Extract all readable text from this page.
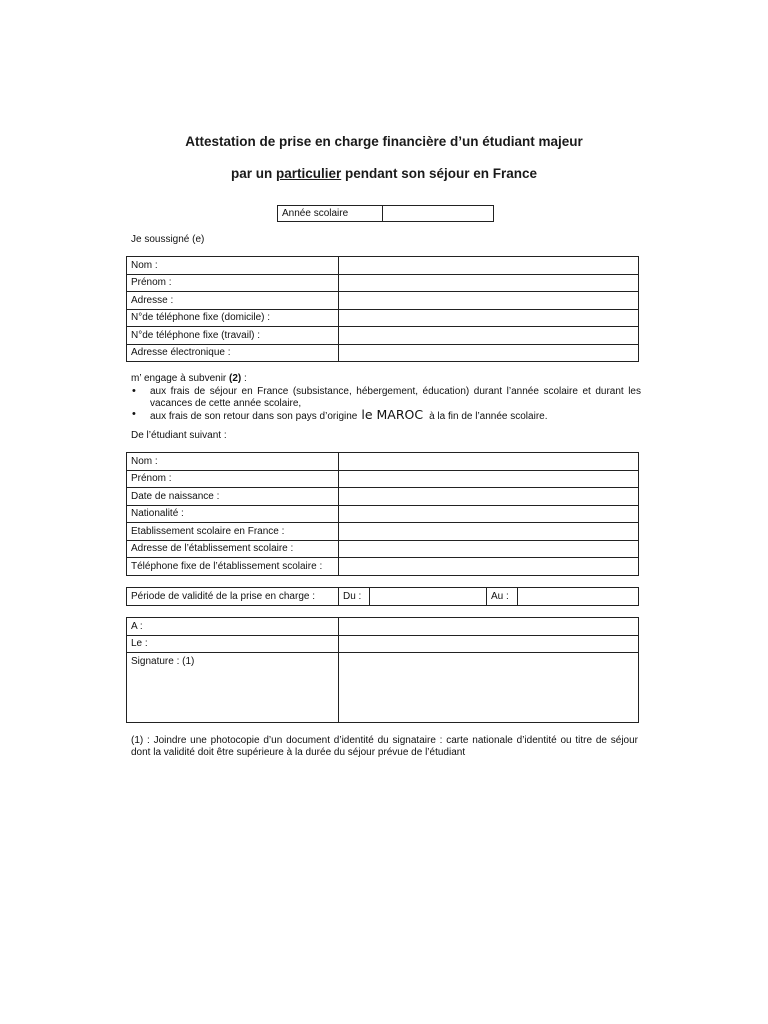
Attestation de prise en charge financière d’un étudiant majeur
par un particulier pendant son séjour en France
Année scolaire	
Je soussigné (e)
Nom :	
Prénom :	
Adresse :	
N°de téléphone fixe (domicile) :	
N°de téléphone fixe (travail) :	
Adresse électronique :	
m’ engage à subvenir (2) :
• aux frais de séjour en France (subsistance, hébergement, éducation) durant l’année scolaire et durant les vacances de cette année scolaire,
• aux frais de son retour dans son pays d’origine le MAROC à la fin de l’année scolaire.
De l’étudiant suivant :
Nom :	
Prénom :	
Date de naissance :	
Nationalité :	
Etablissement scolaire en France :	
Adresse de l’établissement scolaire :	
Téléphone fixe de l’établissement scolaire :	
Période de validité de la prise en charge :	Du :		Au :	
A :	
Le :	
Signature : (1)	
(1) : Joindre une photocopie d’un document d’identité du signataire : carte nationale d’identité ou titre de séjour dont la validité doit être supérieure à la durée du séjour prévue de l’étudiant
